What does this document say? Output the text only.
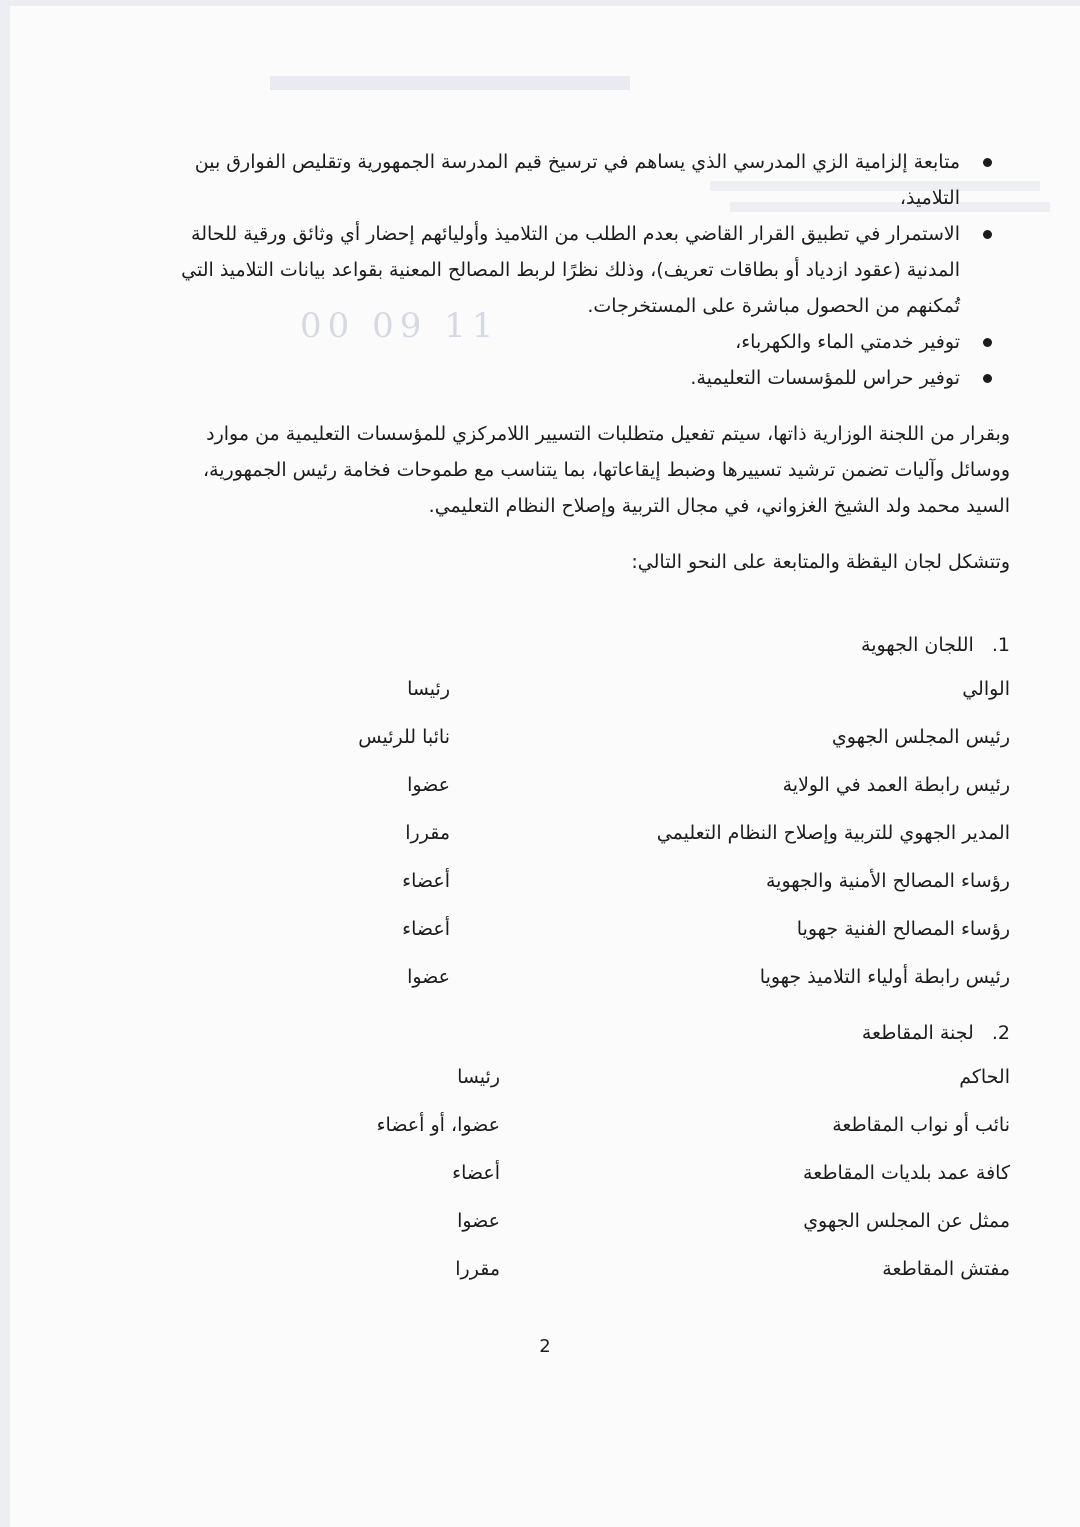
00 09 11
متابعة إلزامية الزي المدرسي الذي يساهم في ترسيخ قيم المدرسة الجمهورية وتقليص الفوارق بين التلاميذ،
الاستمرار في تطبيق القرار القاضي بعدم الطلب من التلاميذ وأوليائهم إحضار أي وثائق ورقية للحالة المدنية (عقود ازدياد أو بطاقات تعريف)، وذلك نظرًا لربط المصالح المعنية بقواعد بيانات التلاميذ التي تُمكنهم من الحصول مباشرة على المستخرجات.
توفير خدمتي الماء والكهرباء،
توفير حراس للمؤسسات التعليمية.

وبقرار من اللجنة الوزارية ذاتها، سيتم تفعيل متطلبات التسيير اللامركزي للمؤسسات التعليمية من موارد ووسائل وآليات تضمن ترشيد تسييرها وضبط إيقاعاتها، بما يتناسب مع طموحات فخامة رئيس الجمهورية، السيد محمد ولد الشيخ الغزواني، في مجال التربية وإصلاح النظام التعليمي.

وتتشكل لجان اليقظة والمتابعة على النحو التالي:

1. اللجان الجهوية
الوالي
رئيسا
رئيس المجلس الجهوي
نائبا للرئيس
رئيس رابطة العمد في الولاية
عضوا
المدير الجهوي للتربية وإصلاح النظام التعليمي
مقررا
رؤساء المصالح الأمنية والجهوية
أعضاء
رؤساء المصالح الفنية جهويا
أعضاء
رئيس رابطة أولياء التلاميذ جهويا
عضوا
2. لجنة المقاطعة
الحاكم
رئيسا
نائب أو نواب المقاطعة
عضوا، أو أعضاء
كافة عمد بلديات المقاطعة
أعضاء
ممثل عن المجلس الجهوي
عضوا
مفتش المقاطعة
مقررا
2
